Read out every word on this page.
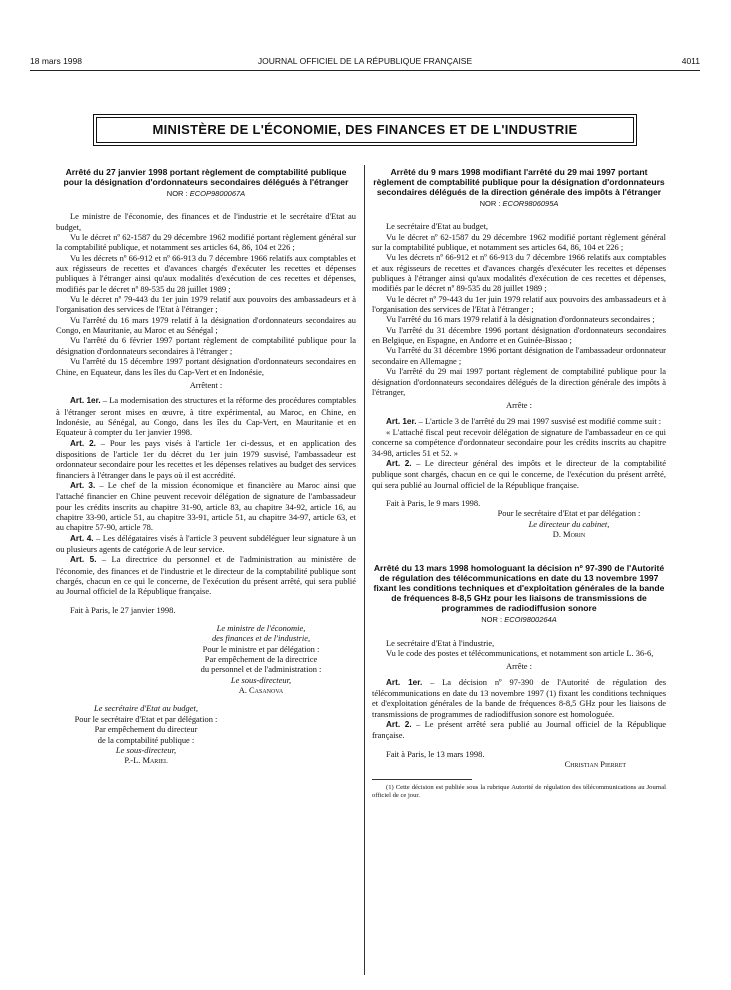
18 mars 1998	JOURNAL OFFICIEL DE LA RÉPUBLIQUE FRANÇAISE	4011
MINISTÈRE DE L'ÉCONOMIE, DES FINANCES ET DE L'INDUSTRIE
Arrêté du 27 janvier 1998 portant règlement de comptabilité publique pour la désignation d'ordonnateurs secondaires délégués à l'étranger
NOR : ECOP9800067A

Le ministre de l'économie, des finances et de l'industrie et le secrétaire d'Etat au budget,

Vu le décret nº 62-1587 du 29 décembre 1962 modifié portant règlement général sur la comptabilité publique, et notamment ses articles 64, 86, 104 et 226 ;

Vu les décrets nº 66-912 et nº 66-913 du 7 décembre 1966 relatifs aux comptables et aux régisseurs de recettes et d'avances chargés d'exécuter les recettes et dépenses publiques à l'étranger ainsi qu'aux modalités d'exécution de ces recettes et dépenses, modifiés par le décret nº 89-535 du 28 juillet 1989 ;

Vu le décret nº 79-443 du 1er juin 1979 relatif aux pouvoirs des ambassadeurs et à l'organisation des services de l'Etat à l'étranger ;

Vu l'arrêté du 16 mars 1979 relatif à la désignation d'ordonnateurs secondaires au Congo, en Mauritanie, au Maroc et au Sénégal ;

Vu l'arrêté du 6 février 1997 portant règlement de comptabilité publique pour la désignation d'ordonnateurs secondaires à l'étranger ;

Vu l'arrêté du 15 décembre 1997 portant désignation d'ordonnateurs secondaires en Chine, en Equateur, dans les îles du Cap-Vert et en Indonésie,

Arrêtent :

Art. 1er. – La modernisation des structures et la réforme des procédures comptables à l'étranger seront mises en œuvre, à titre expérimental, au Maroc, en Chine, en Indonésie, au Sénégal, au Congo, dans les îles du Cap-Vert, en Mauritanie et en Equateur à compter du 1er janvier 1998.

Art. 2. – Pour les pays visés à l'article 1er ci-dessus, et en application des dispositions de l'article 1er du décret du 1er juin 1979 susvisé, l'ambassadeur est ordonnateur secondaire pour les recettes et les dépenses relatives au budget des services financiers à l'étranger dans le pays où il est accrédité.

Art. 3. – Le chef de la mission économique et financière au Maroc ainsi que l'attaché financier en Chine peuvent recevoir délégation de signature de l'ambassadeur pour les crédits inscrits au chapitre 31-90, article 83, au chapitre 34-92, article 16, au chapitre 33-90, article 51, au chapitre 33-91, article 51, au chapitre 34-97, article 63, et au chapitre 57-90, article 78.

Art. 4. – Les délégataires visés à l'article 3 peuvent subdéléguer leur signature à un ou plusieurs agents de catégorie A de leur service.

Art. 5. – La directrice du personnel et de l'administration au ministère de l'économie, des finances et de l'industrie et le directeur de la comptabilité publique sont chargés, chacun en ce qui le concerne, de l'exécution du présent arrêté, qui sera publié au Journal officiel de la République française.

Fait à Paris, le 27 janvier 1998.

Le ministre de l'économie,

des finances et de l'industrie,

Pour le ministre et par délégation :

Par empêchement de la directrice

du personnel et de l'administration :

Le sous-directeur,

A. Casanova

Le secrétaire d'Etat au budget,

Pour le secrétaire d'Etat et par délégation :

Par empêchement du directeur

de la comptabilité publique :

Le sous-directeur,

P.-L. Mariel

Arrêté du 9 mars 1998 modifiant l'arrêté du 29 mai 1997 portant règlement de comptabilité publique pour la désignation d'ordonnateurs secondaires délégués de la direction générale des impôts à l'étranger
NOR : ECOR9806095A

Le secrétaire d'Etat au budget,

Vu le décret nº 62-1587 du 29 décembre 1962 modifié portant règlement général sur la comptabilité publique, et notamment ses articles 64, 86, 104 et 226 ;

Vu les décrets nº 66-912 et nº 66-913 du 7 décembre 1966 relatifs aux comptables et aux régisseurs de recettes et d'avances chargés d'exécuter les recettes et dépenses publiques à l'étranger ainsi qu'aux modalités d'exécution de ces recettes et dépenses, modifiés par le décret nº 89-535 du 28 juillet 1989 ;

Vu le décret nº 79-443 du 1er juin 1979 relatif aux pouvoirs des ambassadeurs et à l'organisation des services de l'Etat à l'étranger ;

Vu l'arrêté du 16 mars 1979 relatif à la désignation d'ordonnateurs secondaires ;

Vu l'arrêté du 31 décembre 1996 portant désignation d'ordonnateurs secondaires en Belgique, en Espagne, en Andorre et en Guinée-Bissao ;

Vu l'arrêté du 31 décembre 1996 portant désignation de l'ambassadeur ordonnateur secondaire en Allemagne ;

Vu l'arrêté du 29 mai 1997 portant règlement de comptabilité publique pour la désignation d'ordonnateurs secondaires délégués de la direction générale des impôts à l'étranger,

Arrête :

Art. 1er. – L'article 3 de l'arrêté du 29 mai 1997 susvisé est modifié comme suit :

« L'attaché fiscal peut recevoir délégation de signature de l'ambassadeur en ce qui concerne sa compétence d'ordonnateur secondaire pour les crédits inscrits au chapitre 34-98, articles 51 et 52. »

Art. 2. – Le directeur général des impôts et le directeur de la comptabilité publique sont chargés, chacun en ce qui le concerne, de l'exécution du présent arrêté, qui sera publié au Journal officiel de la République française.

Fait à Paris, le 9 mars 1998.

Pour le secrétaire d'Etat et par délégation :

Le directeur du cabinet,

D. Morin

Arrêté du 13 mars 1998 homologuant la décision nº 97-390 de l'Autorité de régulation des télécommunications en date du 13 novembre 1997 fixant les conditions techniques et d'exploitation générales de la bande de fréquences 8-8,5 GHz pour les liaisons de transmissions de programmes de radiodiffusion sonore
NOR : ECOI9800264A

Le secrétaire d'Etat à l'industrie,

Vu le code des postes et télécommunications, et notamment son article L. 36-6,

Arrête :

Art. 1er. – La décision nº 97-390 de l'Autorité de régulation des télécommunications en date du 13 novembre 1997 (1) fixant les conditions techniques et d'exploitation générales de la bande de fréquences 8-8,5 GHz pour les liaisons de transmissions de programmes de radiodiffusion sonore est homologuée.

Art. 2. – Le présent arrêté sera publié au Journal officiel de la République française.

Fait à Paris, le 13 mars 1998.

Christian Pierret

(1) Cette décision est publiée sous la rubrique Autorité de régulation des télécommunications au Journal officiel de ce jour.
